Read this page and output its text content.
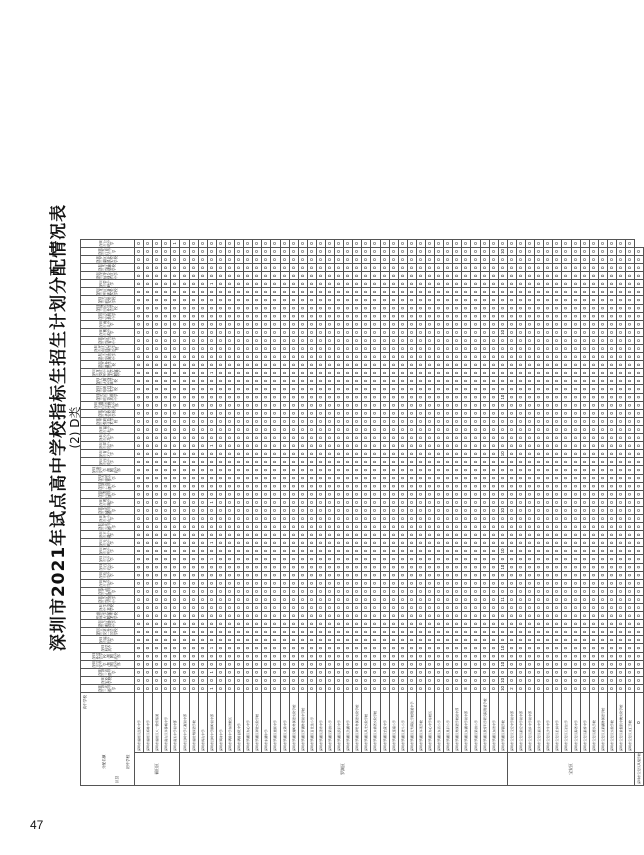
深圳市2021年试点高中学校指标生招生计划分配情况表 (2) D类
高中学校
分配名额 初中学校
区县		深圳市第二高级中学	深圳实验学校	深圳市第三高级中学	深圳市宝安中学(集团)高中部	深圳外国语学校(集团)高中部	深圳科学高中	深圳市福田中学	深圳市宝安第一外国语学校	深圳市光明区高级中学	华南师范大学附属龙华学校	深圳中学龙岗学校	深圳市龙岗区平冈中学	深圳市坪山高级中学	深圳市龙岗中学	深圳市松岗中学	深圳市石岩公学	深圳市宝安中学	深圳市龙华中学	深圳市光明中学	深圳市平湖中学	深圳市布吉高级中学	深圳市坪山中学	深圳市龙城高级中学	深圳市观澜中学	深圳市盐田高级中学	深圳市第七高级中学	深圳市大鹏华侨中学	深圳市新安中学(集团)高中部	深圳市西乡中学	深圳市育才中学	深圳市翠园中学	深圳市沙井中学	深圳市福永中学	深圳市华强职业技术学校	深圳市龙华区实验学校	深圳市南山外国语学校高中部	深圳市光明区第二高级中学	深圳市行知职业技术学校	深圳市人大附中深圳学校	深圳市龙岗区华中师范大学附属中学	深圳市罗湖外语学校	深圳市宝安区海湾中学	深圳市坪山区同心外国语学校	深圳市龙岗区布吉中学	深圳市桃源中学	深圳市南头中学	深圳市宝安区新桥中学	深圳市福田区外国语学校	深圳市光明区实验学校	深圳市龙华区创新实验学校	深圳市碧岭中学	深圳市深汕特别合作区中学	深圳市龙岗区德琳学校	深圳市罗湖区翠北实验学校	深圳市蛇口育才中学	深圳市公明中学
福田区	深圳市福田区红岭中学	0	0	0	0	0	0	0	0	0	0	0	0	0	0	0	0	0	0	0	0	0	0	0	0	0	0	0	0	0	0	0	0	0	0	0	0	0	0	0	0	0	0	0	0	0	0	0	0	0	0	0	0	0	0	0	0
	深圳市福田区梅林中学	0	0	0	0	0	0	0	0	0	0	0	0	0	0	0	0	0	0	0	0	0	0	0	0	0	0	0	0	0	0	0	0	0	0	0	0	0	0	0	0	0	0	0	0	0	0	0	0	0	0	0	0	0	0	0	0
	深圳市福田区八一教育集团	0	0	0	0	0	0	0	0	0	0	0	0	0	0	0	0	0	0	0	0	0	0	0	0	0	0	0	0	0	0	0	0	0	0	0	0	0	0	0	0	0	0	0	0	0	0	0	0	0	0	0	0	0	0	0	0
	深圳市南山区华侨城中学	0	0	0	0	0	0	0	0	0	0	0	0	0	0	0	0	0	0	0	0	0	0	0	0	0	0	0	0	0	0	0	0	0	0	0	0	0	0	0	0	0	0	0	0	0	0	0	0	0	0	0	0	0	0	0	0
	深圳市南头中学初中部	0	0	0	0	0	0	0	0	0	0	0	0	0	0	0	0	0	0	0	0	0	0	0	0	0	0	0	0	0	0	0	0	0	0	0	0	0	0	0	0	0	0	0	0	0	0	0	0	0	0	0	0	0	0	0	1
罗湖区	深圳市红岭中学石厦初中部	0	0	0	0	0	0	0	0	0	0	0	0	0	0	0	0	0	0	0	0	0	0	0	0	0	0	0	0	0	0	0	0	0	0	0	0	0	0	0	0	0	0	0	0	0	0	0	0	0	0	0	0	0	0	0	0
	深圳市福田外国语学校	0	0	0	0	0	0	0	0	0	0	0	0	0	0	0	0	0	0	0	0	0	0	0	0	0	0	0	0	0	0	0	0	0	0	0	0	0	0	0	0	0	0	0	0	0	0	0	0	0	0	0	0	0	0	0	0
	深圳市梅山中学	0	0	0	0	0	0	0	0	0	0	0	0	0	0	0	0	0	0	0	0	0	0	0	0	0	0	0	0	0	0	0	0	0	0	0	0	0	0	0	0	0	0	0	0	0	0	0	0	0	0	0	0	0	0	0	0
	深圳市红岭中学园岭初中部	1	0	1	0	0	1	0	0	0	0	0	0	0	0	0	0	1	0	1	0	0	0	0	1	0	0	0	0	0	0	1	0	0	0	0	0	0	0	0	1	0	0	0	0	0	0	0	0	0	0	1	0	0	0	0	0
	深圳市笋岗中学	0	0	0	0	0	0	0	0	0	0	0	0	0	0	0	0	0	0	0	0	0	0	0	0	0	0	0	0	0	0	0	0	0	0	0	0	0	0	0	0	0	0	0	0	0	0	0	0	0	0	0	0	0	0	0	0
	深圳市翠园中学东晓校区	0	0	0	0	0	0	0	0	0	0	0	0	0	0	0	0	0	0	0	0	0	0	0	0	0	0	0	0	0	0	0	0	0	0	0	0	0	0	0	0	0	0	0	0	0	0	0	0	0	0	0	0	0	0	0	0
	深圳市翠园初级中学	0	0	0	0	0	0	0	0	0	0	0	0	0	0	0	0	0	0	0	0	0	0	0	0	0	0	0	0	0	0	0	0	0	0	0	0	0	0	0	0	0	0	0	0	0	0	0	0	0	0	0	0	0	0	0	0
	深圳市罗湖区布心中学	0	0	0	0	0	0	0	0	0	0	0	0	0	0	0	0	0	0	0	0	0	0	0	0	0	0	0	0	0	0	0	0	0	0	0	0	0	0	0	0	0	0	0	0	0	0	0	0	0	0	0	0	0	0	0	0
	深圳市罗湖区翠北实验学校	0	0	0	0	0	0	0	0	0	0	0	0	0	0	0	0	0	0	0	0	0	0	0	0	0	0	0	0	0	0	0	0	0	0	0	0	0	0	0	0	0	0	0	0	0	0	0	0	0	0	0	0	0	0	0	0
	深圳市东湖中学	0	0	0	0	0	0	0	0	0	0	0	0	0	0	0	0	0	0	0	0	0	0	0	0	0	0	0	0	0	0	0	0	0	0	0	0	0	0	0	0	0	0	0	0	0	0	0	0	0	0	0	0	0	0	0	0
	深圳市罗湖区桂园中学	0	0	0	0	0	0	0	0	0	0	0	0	0	0	0	0	0	0	0	0	0	0	0	0	0	0	0	0	0	0	0	0	0	0	0	0	0	0	0	0	0	0	0	0	0	0	0	0	0	0	0	0	0	0	0	0
	深圳市罗湖区文锦中学	0	0	0	0	0	0	0	0	0	0	0	0	0	0	0	0	0	0	0	0	0	0	0	0	0	0	0	0	0	0	0	0	0	0	0	0	0	0	0	0	0	0	0	0	0	0	0	0	0	0	0	0	0	0	0	0
	深圳市罗湖区螺岭外国语实验学校	0	0	0	0	0	0	0	0	0	0	0	0	0	0	0	0	0	0	0	0	0	0	0	0	0	0	0	0	0	0	0	0	0	0	0	0	0	0	0	0	0	0	0	0	0	0	0	0	0	0	0	0	0	0	0	0
	深圳市罗湖区罗湖外语初中学校	0	0	0	0	0	0	0	0	0	0	0	0	0	0	0	0	0	0	0	0	0	0	0	0	0	0	0	0	0	0	0	0	0	0	0	0	0	0	0	0	0	0	0	0	0	0	0	0	0	0	0	0	0	0	0	0
	深圳市罗湖区百仕达小学	0	0	0	0	0	0	0	0	0	0	0	0	0	0	0	0	0	0	0	0	0	0	0	0	0	0	0	0	0	0	0	0	0	0	0	0	0	0	0	0	0	0	0	0	0	0	0	0	0	0	0	0	0	0	0	0
	深圳市罗湖区清秀中学	0	0	0	0	0	0	0	0	0	0	0	0	0	0	0	0	0	0	0	0	0	0	0	0	0	0	0	0	0	0	0	0	0	0	0	0	0	0	0	0	0	0	0	0	0	0	0	0	0	0	0	0	0	0	0	0
	深圳市罗湖区锦田小学	0	0	0	0	0	0	0	0	0	0	0	0	0	0	0	0	0	0	0	0	0	0	0	0	0	0	0	0	0	0	0	0	0	0	0	0	0	0	0	0	0	0	0	0	0	0	0	0	0	0	0	0	0	0	0	0
	深圳市罗湖区滨河中学	0	0	0	0	0	0	0	0	0	0	0	0	0	0	0	0	0	0	0	0	0	0	0	0	0	0	0	0	0	0	0	0	0	0	0	0	0	0	0	0	0	0	0	0	0	0	0	0	0	0	0	0	0	0	0	0
	深圳市罗湖区洪湖中学	0	0	0	0	0	0	0	0	0	0	0	0	0	0	0	0	0	0	0	0	0	0	0	0	0	0	0	0	0	0	0	0	0	0	0	0	0	0	0	0	0	0	0	0	0	0	0	0	0	0	0	0	0	0	0	0
	深圳市罗湖区翠竹外国语实验学校	0	0	0	0	0	0	0	0	0	0	0	0	0	0	0	0	0	0	0	0	0	0	0	0	0	0	0	0	0	0	0	0	0	0	0	0	0	0	0	0	0	0	0	0	0	0	0	0	0	0	0	0	0	0	0	0
	深圳市罗湖区凤光实验学校	0	0	0	0	0	0	0	0	0	0	0	0	0	0	0	0	0	0	0	0	0	0	0	0	0	0	0	0	0	0	0	0	0	0	0	0	0	0	0	0	0	0	0	0	0	0	0	0	0	0	0	0	0	0	0	0
	深圳市罗湖区木棉湾实验学校	0	0	0	0	0	0	0	0	0	0	0	0	0	0	0	0	0	0	0	0	0	0	0	0	0	0	0	0	0	0	0	0	0	0	0	0	0	0	0	0	0	0	0	0	0	0	0	0	0	0	0	0	0	0	0	0
	深圳市罗湖区怡景中学	0	0	0	0	0	0	0	0	0	0	0	0	0	0	0	0	0	0	0	0	0	0	0	0	0	0	0	0	0	0	0	0	0	0	0	0	0	0	0	0	0	0	0	0	0	0	0	0	0	0	0	0	0	0	0	0
	深圳市罗湖区莲南小学	0	0	0	0	0	0	0	0	0	0	0	0	0	0	0	0	0	0	0	0	0	0	0	0	0	0	0	0	0	0	0	0	0	0	0	0	0	0	0	0	0	0	0	0	0	0	0	0	0	0	0	0	0	0	0	0
	深圳市罗湖区北斗小学	0	0	0	0	0	0	0	0	0	0	0	0	0	0	0	0	0	0	0	0	0	0	0	0	0	0	0	0	0	0	0	0	0	0	0	0	0	0	0	0	0	0	0	0	0	0	0	0	0	0	0	0	0	0	0	0
	深圳市罗湖区行知职业学校附属中学	0	0	0	0	0	0	0	0	0	0	0	0	0	0	0	0	0	0	0	0	0	0	0	0	0	0	0	0	0	0	0	0	0	0	0	0	0	0	0	0	0	0	0	0	0	0	0	0	0	0	0	0	0	0	0	0
	深圳市罗湖区华英学校	0	0	0	0	0	0	0	0	0	0	0	0	0	0	0	0	0	0	0	0	0	0	0	0	0	0	0	0	0	0	0	0	0	0	0	0	0	0	0	0	0	0	0	0	0	0	0	0	0	0	0	0	0	0	0	0
	深圳市罗湖区布心中学东校区	0	0	0	0	0	0	0	0	0	0	0	0	0	0	0	0	0	0	0	0	0	0	0	0	0	0	0	0	0	0	0	0	0	0	0	0	0	0	0	0	0	0	0	0	0	0	0	0	0	0	0	0	0	0	0	0
	深圳市罗湖区东昌小学	0	0	0	0	0	0	0	0	0	0	0	0	0	0	0	0	0	0	0	0	0	0	0	0	0	0	0	0	0	0	0	0	0	0	0	0	0	0	0	0	0	0	0	0	0	0	0	0	0	0	0	0	0	0	0	0
	深圳市罗湖区星河小学	0	0	0	0	0	0	0	0	0	0	0	0	0	0	0	0	0	0	0	0	0	0	0	0	0	0	0	0	0	0	0	0	0	0	0	0	0	0	0	0	0	0	0	0	0	0	0	0	0	0	0	0	0	0	0	0
	深圳市罗湖区外国语学校初中部	0	0	0	0	0	0	0	0	0	0	0	0	0	0	0	0	0	0	0	0	0	0	0	0	0	0	0	0	0	0	0	0	0	0	0	0	0	0	0	0	0	0	0	0	0	0	0	0	0	0	0	0	0	0	0	0
	深圳市罗湖区东湖中学初中部	8	0	0	0	0	0	0	0	0	0	0	0	0	0	0	0	0	0	0	0	0	0	0	0	0	0	0	0	0	0	0	0	0	0	0	0	0	0	0	0	0	0	0	0	0	0	0	0	0	0	0	0	0	0	0	0
	深圳市罗湖区锦田小学	0	0	0	0	0	0	0	0	0	0	0	0	0	0	0	0	0	0	0	0	0	0	0	0	0	0	0	0	0	0	0	0	0	0	0	0	0	0	0	0	0	0	0	0	0	0	0	0	0	0	0	0	0	0	0	0
	深圳市罗湖区教育科学研究院附属学校	0	0	0	0	0	0	0	0	0	0	0	0	0	0	0	0	0	0	0	0	0	0	0	0	0	0	0	0	0	0	0	0	0	0	0	0	0	0	0	0	0	0	0	0	0	0	0	0	0	0	0	0	0	0	0	0
	深圳市罗湖区东晓中学	0	0	0	0	0	0	0	0	0	0	0	0	0	0	0	0	0	0	0	0	0	0	0	0	0	0	0	0	0	0	0	0	0	0	0	0	0	0	0	0	0	0	0	0	0	0	0	0	0	0	0	0	0	0	0	0
	深圳市罗湖区翠茵学校	10	10	0	10	0	10	0	0	0	0	0	11	0	0	0	10	0	10	0	0	0	0	10	0	0	0	0	0	0	10	0	0	0	0	0	0	10	0	0	0	0	0	0	0	10	0	0	0	0	0	0	0	0	0	10	0
宝安区	深圳市宝安区宝安中学初中部	2	0	0	0	0	0	0	0	0	0	0	0	0	0	0	0	0	0	0	0	0	0	0	0	0	0	0	0	0	0	0	0	0	0	0	0	0	0	0	0	0	0	0	0	0	0	0	0	0	0	0	0	0	0	0	0
	深圳市宝安区新安中学初中部	0	0	0	0	0	0	0	0	0	0	0	0	0	0	0	0	0	0	0	0	0	0	0	0	0	0	0	0	0	0	0	0	0	0	0	0	0	0	0	0	0	0	0	0	0	0	0	0	0	0	0	0	0	0	0	0
	深圳市宝安区西乡中学初中部	0	0	0	0	0	0	0	0	0	0	0	0	0	0	0	0	0	0	0	0	0	0	0	0	0	0	0	0	0	0	0	0	0	0	0	0	0	0	0	0	0	0	0	0	0	0	0	0	0	0	0	0	0	0	0	0
	深圳市宝安区福永中学	0	0	0	0	0	0	0	0	0	0	0	0	0	0	0	0	0	0	0	0	0	0	0	0	0	0	0	0	0	0	0	0	0	0	0	0	0	0	0	0	0	0	0	0	0	0	0	0	0	0	0	0	0	0	0	0
	深圳市宝安区沙井中学	0	0	0	0	0	0	0	0	0	0	0	0	0	0	0	0	0	0	0	0	0	0	0	0	0	0	0	0	0	0	0	0	0	0	0	0	0	0	0	0	0	0	0	0	0	0	0	0	0	0	0	0	0	0	0	0
	深圳市宝安区松岗中学	0	0	0	0	0	0	0	0	0	0	0	0	0	0	0	0	0	0	0	0	0	0	0	0	0	0	0	0	0	0	0	0	0	0	0	0	0	0	0	0	0	0	0	0	0	0	0	0	0	0	0	0	0	0	0	0
	深圳市宝安区石岩公学	0	0	0	0	0	0	0	0	0	0	0	0	0	0	0	0	0	0	0	0	0	0	0	0	0	0	0	0	0	0	0	0	0	0	0	0	0	0	0	0	0	0	0	0	0	0	0	0	0	0	0	0	0	0	0	0
	深圳市宝安区海湾中学	0	0	0	0	0	0	0	0	0	0	0	0	0	0	0	0	0	0	0	0	0	0	0	0	0	0	0	0	0	0	0	0	0	0	0	0	0	0	0	0	0	0	0	0	0	0	0	0	0	0	0	0	0	0	0	0
	深圳市宝安区新桥中学	0	0	0	0	0	0	0	0	0	0	0	0	0	0	0	0	0	0	0	0	0	0	0	0	0	0	0	0	0	0	0	0	0	0	0	0	0	0	0	0	0	0	0	0	0	0	0	0	0	0	0	0	0	0	0	0
	深圳市宝安区潭头学校	0	0	0	0	0	0	0	0	0	0	0	0	0	0	0	0	0	0	0	0	0	0	0	0	0	0	0	0	0	0	0	0	0	0	0	0	0	0	0	0	0	0	0	0	0	0	0	0	0	0	0	0	0	0	0	0
	深圳市宝安区立新湖外国语学校	0	0	0	0	0	0	0	0	0	0	0	0	0	0	0	0	0	0	0	0	0	0	0	0	0	0	0	0	0	0	0	0	0	0	0	0	0	0	0	0	0	0	0	0	0	0	0	0	0	0	0	0	0	0	0	0
	深圳市宝安区实验学校	0	0	0	0	0	0	0	0	0	0	0	0	0	0	0	0	0	0	0	0	0	0	0	0	0	0	0	0	0	0	0	0	0	0	0	0	0	0	0	0	0	0	0	0	0	0	0	0	0	0	0	0	0	0	0	0
	深圳市宝安区桃源居中澳实验学校	0	0	0	0	0	0	0	0	0	0	0	0	0	0	0	0	0	0	0	0	0	0	0	0	0	0	0	0	0	0	0	0	0	0	0	0	0	0	0	0	0	0	0	0	0	0	0	0	0	0	0	0	0	0	0	0
	深圳市宝安区文汇学校	0	0	0	0	0	0	0	0	0	0	0	0	0	0	0	0	0	0	0	0	0	0	0	0	0	0	0	0	0	0	0	0	0	0	0	0	0	0	0	0	0	0	0	0	0	0	0	0	0	0	0	0	0	0	0	0
深圳市宝安区凤凰学校	0	0	0	0	0	0	0	0	0	0	0	0	0	0	0	0	0	0	0	0	0	0	0	0	0	0	0	0	0	0	0	0	0	0	0	0	0	0	0	0	0	0	0	0	0	0	0	0	0	0	0	0	0	0	0	0	
47
